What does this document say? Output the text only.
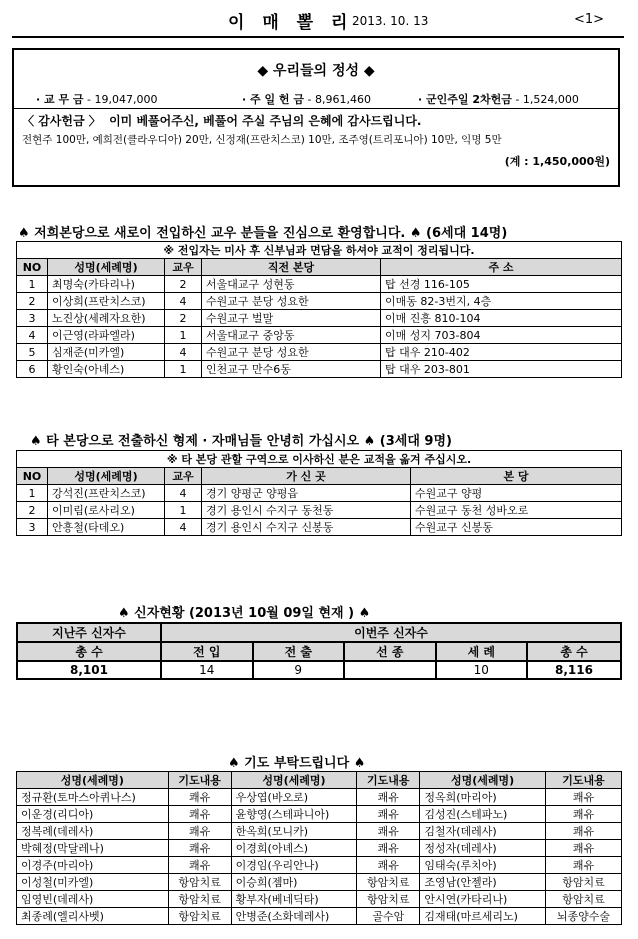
이 매 뽈 리
2013. 10. 13	<1>
◆ 우리들의 정성 ◆
· 교 무 금 - 19,047,000	· 주 일 헌 금 - 8,961,460	· 군인주일 2차헌금 - 1,524,000
〈 감사헌금 〉 이미 베풀어주신, 베풀어 주실 주님의 은혜에 감사드립니다.
전현주 100만, 예희전(클라우디아) 20만, 신정재(프란치스코) 10만, 조주영(트리포니아) 10만, 익명 5만
(계 : 1,450,000원)
♠ 저희본당으로 새로이 전입하신 교우 분들을 진심으로 환영합니다. ♠ (6세대 14명)
※ 전입자는 미사 후 신부님과 면담을 하셔야 교적이 정리됩니다.				
NO	성명(세례명)	교우	직전 본당	주 소
1	최명숙(카타리나)	2	서울대교구 성현동	탑 선경 116-105
2	이상희(프란치스코)	4	수원교구 분당 성요한	이매동 82-3번지, 4층
3	노진상(세례자요한)	2	수원교구 벌말	이매 진흥 810-104
4	이근영(라파엘라)	1	서울대교구 중앙동	이매 성지 703-804
5	심재준(미카엘)	4	수원교구 분당 성요한	탑 대우 210-402
6	황인숙(아녜스)	1	인천교구 만수6동	탑 대우 203-801
♠ 타 본당으로 전출하신 형제 · 자매님들 안녕히 가십시오 ♠ (3세대 9명)
※ 타 본당 관할 구역으로 이사하신 분은 교적을 옮겨 주십시오.				
NO	성명(세례명)	교우	가 신 곳	본 당
1	강석진(프란치스코)	4	경기 양평군 양평읍	수원교구 양평
2	이미림(로사리오)	1	경기 용인시 수지구 동천동	수원교구 동천 성바오로
3	안흥철(타데오)	4	경기 용인시 수지구 신봉동	수원교구 신봉동
♠ 신자현황 (2013년 10월 09일 현재 ) ♠
지난주 신자수	이번주 신자수				
총 수	전 입	전 출	선 종	세 례	총 수
8,101	14	9		10	8,116
♠ 기도 부탁드립니다 ♠
성명(세례명)	기도내용	성명(세례명)	기도내용	성명(세례명)	기도내용
정규환(토마스아퀴나스)	쾌유	우상엽(바오로)	쾌유	정옥희(마리아)	쾌유
이운경(리디아)	쾌유	윤향영(스테파니아)	쾌유	김성진(스테파노)	쾌유
정복례(데레사)	쾌유	한옥희(모니카)	쾌유	김철자(데레사)	쾌유
박혜정(막달레나)	쾌유	이경희(아녜스)	쾌유	정성자(데레사)	쾌유
이경주(마리아)	쾌유	이경임(우리안나)	쾌유	임태숙(루치아)	쾌유
이성철(미카엘)	항암치료	이승희(젬마)	항암치료	조영남(안젤라)	항암치료
임영빈(데레사)	항암치료	황부자(베네딕타)	항암치료	안시연(카타리나)	항암치료
최종례(엘리사벳)	항암치료	안병준(소화데레사)	골수암	김재태(마르세리노)	뇌종양수술
